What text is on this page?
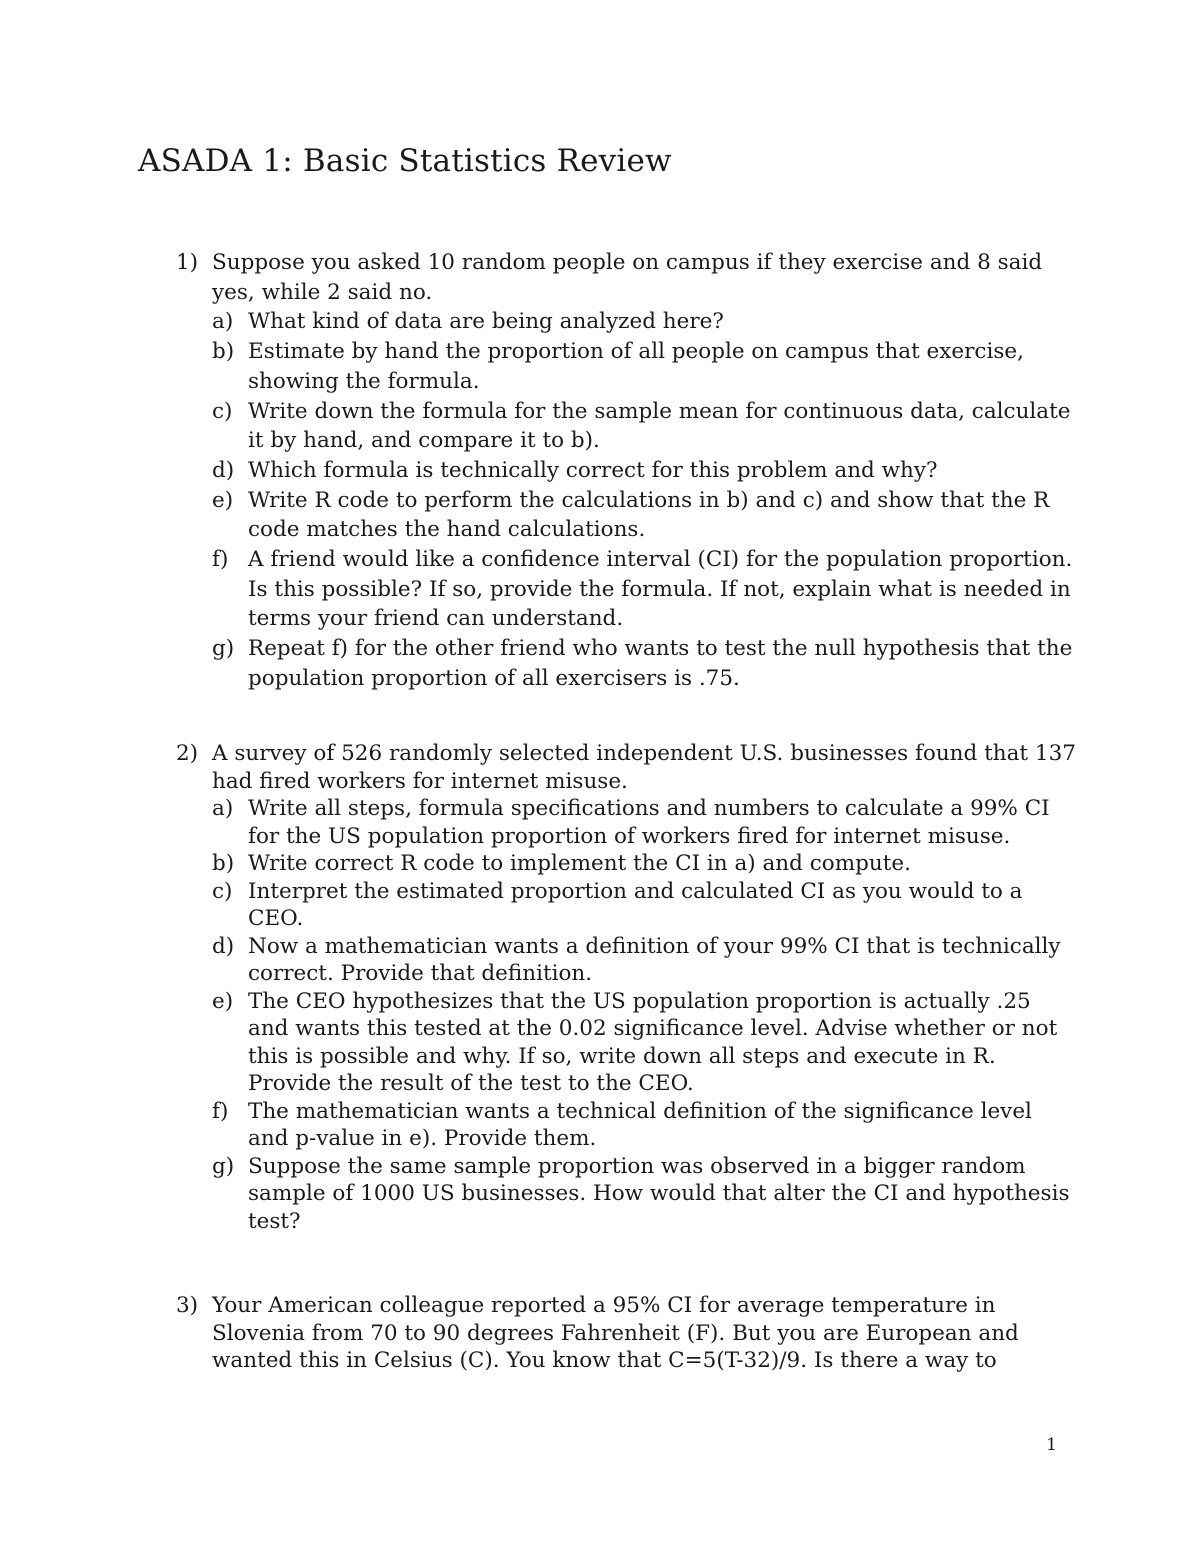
ASADA 1: Basic Statistics Review
1) Suppose you asked 10 random people on campus if they exercise and 8 said yes, while 2 said no.

a) What kind of data are being analyzed here?
b) Estimate by hand the proportion of all people on campus that exercise, showing the formula.
c) Write down the formula for the sample mean for continuous data, calculate it by hand, and compare it to b).
d) Which formula is technically correct for this problem and why?
e) Write R code to perform the calculations in b) and c) and show that the R code matches the hand calculations.
f) A friend would like a confidence interval (CI) for the population proportion. Is this possible? If so, provide the formula. If not, explain what is needed in terms your friend can understand.
g) Repeat f) for the other friend who wants to test the null hypothesis that the population proportion of all exercisers is .75.
2) A survey of 526 randomly selected independent U.S. businesses found that 137 had fired workers for internet misuse.

a) Write all steps, formula specifications and numbers to calculate a 99% CI for the US population proportion of workers fired for internet misuse.
b) Write correct R code to implement the CI in a) and compute.
c) Interpret the estimated proportion and calculated CI as you would to a CEO.
d) Now a mathematician wants a definition of your 99% CI that is technically correct. Provide that definition.
e) The CEO hypothesizes that the US population proportion is actually .25 and wants this tested at the 0.02 significance level. Advise whether or not this is possible and why. If so, write down all steps and execute in R. Provide the result of the test to the CEO.
f) The mathematician wants a technical definition of the significance level and p-value in e). Provide them.
g) Suppose the same sample proportion was observed in a bigger random sample of 1000 US businesses. How would that alter the CI and hypothesis test?
3) Your American colleague reported a 95% CI for average temperature in Slovenia from 70 to 90 degrees Fahrenheit (F). But you are European and wanted this in Celsius (C). You know that C=5(T-32)/9. Is there a way to

1
